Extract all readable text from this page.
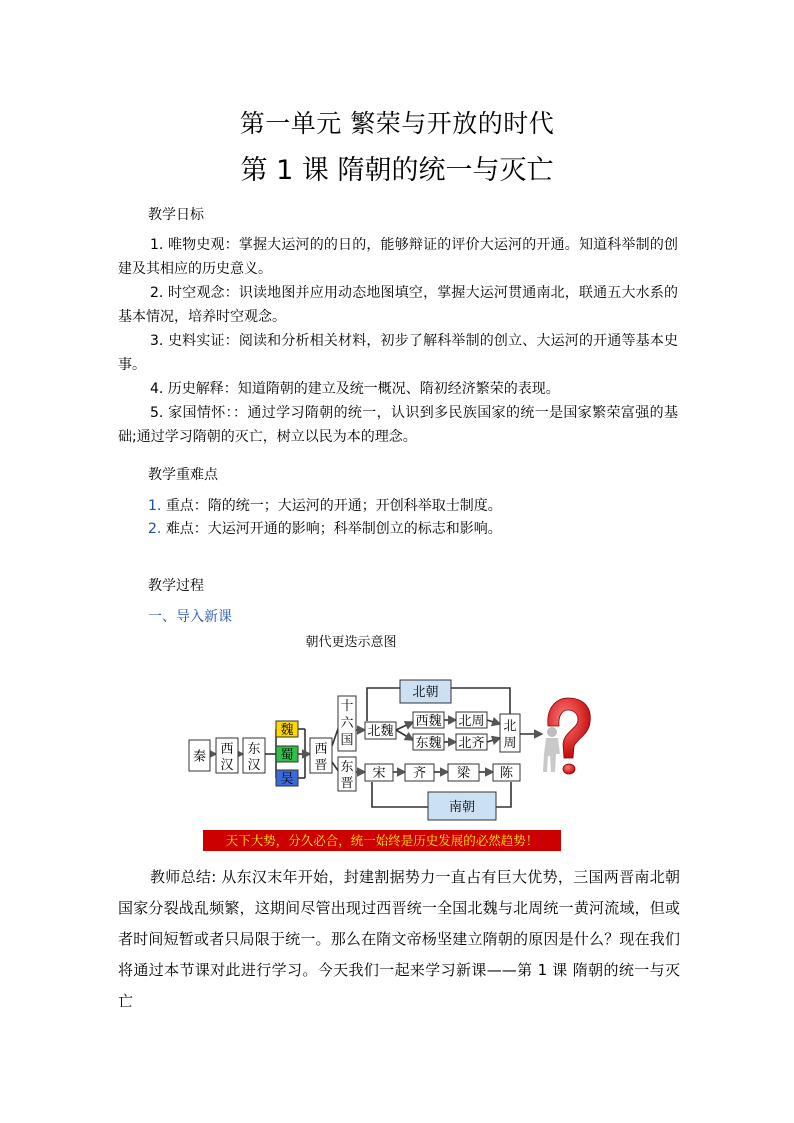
第一单元 繁荣与开放的时代
第 1 课 隋朝的统一与灭亡
教学日标

1. 唯物史观：掌握大运河的的日的，能够辩证的评价大运河的开通。知道科举制的创建及其相应的历史意义。

2. 时空观念：识读地图并应用动态地图填空，掌握大运河贯通南北，联通五大水系的基本情况，培养时空观念。

3. 史料实证：阅读和分析相关材料，初步了解科举制的创立、大运河的开通等基本史事。

4. 历史解释：知道隋朝的建立及统一概况、隋初经济繁荣的表现。

5. 家国情怀：：通过学习隋朝的统一，认识到多民族国家的统一是国家繁荣富强的基础;通过学习隋朝的灭亡，树立以民为本的理念。

教学重难点
1. 重点：隋的统一；大运河的开通；开创科举取士制度。
2. 难点：大运河开通的影响；科举制创立的标志和影响。
教学过程
一、导入新课
朝代更迭示意图
秦 西
汉
东
汉
魏
蜀
吴
西
晋
十
六
国
东
晋
北魏
西魏
东魏
北周
北齐
北
周
宋 齐 梁 陈
北朝
南朝
天下大势，分久必合，统一始终是历史发展的必然趋势！

教师总结: 从东汉末年开始，封建割据势力一直占有巨大优势，三国两晋南北朝国家分裂战乱频繁，这期间尽管出现过西晋统一全国北魏与北周统一黄河流域，但或者时间短暂或者只局限于统一。那么在隋文帝杨坚建立隋朝的原因是什么？现在我们将通过本节课对此进行学习。今天我们一起来学习新课——第 1 课 隋朝的统一与灭亡
